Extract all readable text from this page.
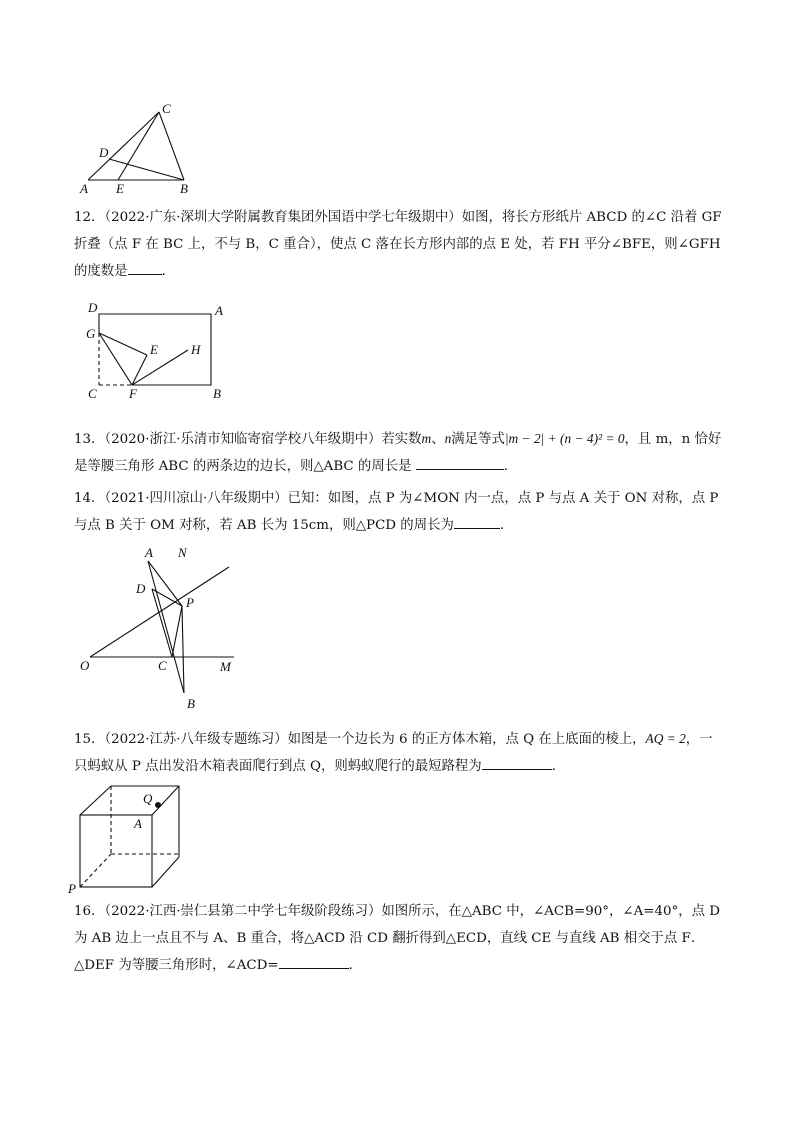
C
D
A E	B

12．（2022·广东·深圳大学附属教育集团外国语中学七年级期中）如图，将长方形纸片 ABCD 的∠C 沿着 GF 折叠（点 F 在 BC 上，不与 B，C 重合），使点 C 落在长方形内部的点 E 处，若 FH 平分∠BFE，则∠GFH 的度数是	．

D	A
G
E	H
C F	B

13．（2020·浙江·乐清市知临寄宿学校八年级期中）若实数m、n满足等式|m − 2| + (n − 4)² = 0，且 m，n 恰好是等腰三角形 ABC 的两条边的边长，则△ABC 的周长是	．

14．（2021·四川凉山·八年级期中）已知：如图，点 P 为∠MON 内一点，点 P 与点 A 关于 ON 对称，点 P 与点 B 关于 OM 对称，若 AB 长为 15cm，则△PCD 的周长为	．

A N
D
P
O	C	M
B

15．（2022·江苏·八年级专题练习）如图是一个边长为 6 的正方体木箱，点 Q 在上底面的棱上，AQ = 2，一只蚂蚁从 P 点出发沿木箱表面爬行到点 Q，则蚂蚁爬行的最短路程为	．

Q
A
P

16．（2022·江西·崇仁县第二中学七年级阶段练习）如图所示，在△ABC 中，∠ACB=90°，∠A=40°，点 D 为 AB 边上一点且不与 A、B 重合，将△ACD 沿 CD 翻折得到△ECD，直线 CE 与直线 AB 相交于点 F．△DEF 为等腰三角形时，∠ACD=	．
